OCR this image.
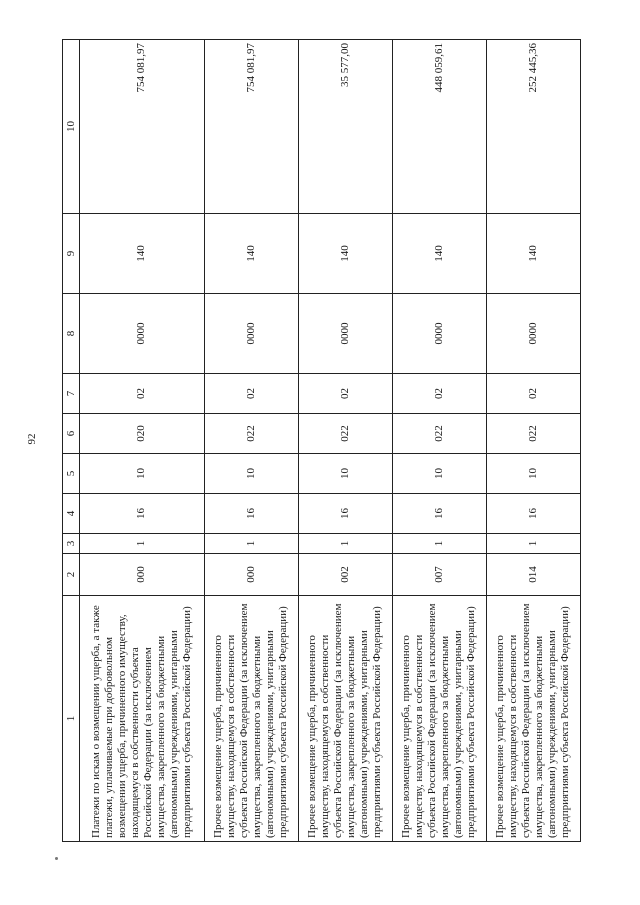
92
1	2	3	4	5	6	7	8	9	10
Платежи по искам о возмещении ущерба, а также платежи, уплачиваемые при добровольном возмещении ущерба, причиненного имуществу, находящемуся в собственности субъекта Российской Федерации (за исключением имущества, закрепленного за бюджетными (автономными) учреждениями, унитарными предприятиями субъекта Российской Федерации)	000	1	16	10	020	02	0000	140	754 081,97
Прочее возмещение ущерба, причиненного имуществу, находящемуся в собственности субъекта Российской Федерации (за исключением имущества, закрепленного за бюджетными (автономными) учреждениями, унитарными предприятиями субъекта Российской Федерации)	000	1	16	10	022	02	0000	140	754 081,97
Прочее возмещение ущерба, причиненного имуществу, находящемуся в собственности субъекта Российской Федерации (за исключением имущества, закрепленного за бюджетными (автономными) учреждениями, унитарными предприятиями субъекта Российской Федерации)	002	1	16	10	022	02	0000	140	35 577,00
Прочее возмещение ущерба, причиненного имуществу, находящемуся в собственности субъекта Российской Федерации (за исключением имущества, закрепленного за бюджетными (автономными) учреждениями, унитарными предприятиями субъекта Российской Федерации)	007	1	16	10	022	02	0000	140	448 059,61
Прочее возмещение ущерба, причиненного имуществу, находящемуся в собственности субъекта Российской Федерации (за исключением имущества, закрепленного за бюджетными (автономными) учреждениями, унитарными предприятиями субъекта Российской Федерации)	014	1	16	10	022	02	0000	140	252 445,36
